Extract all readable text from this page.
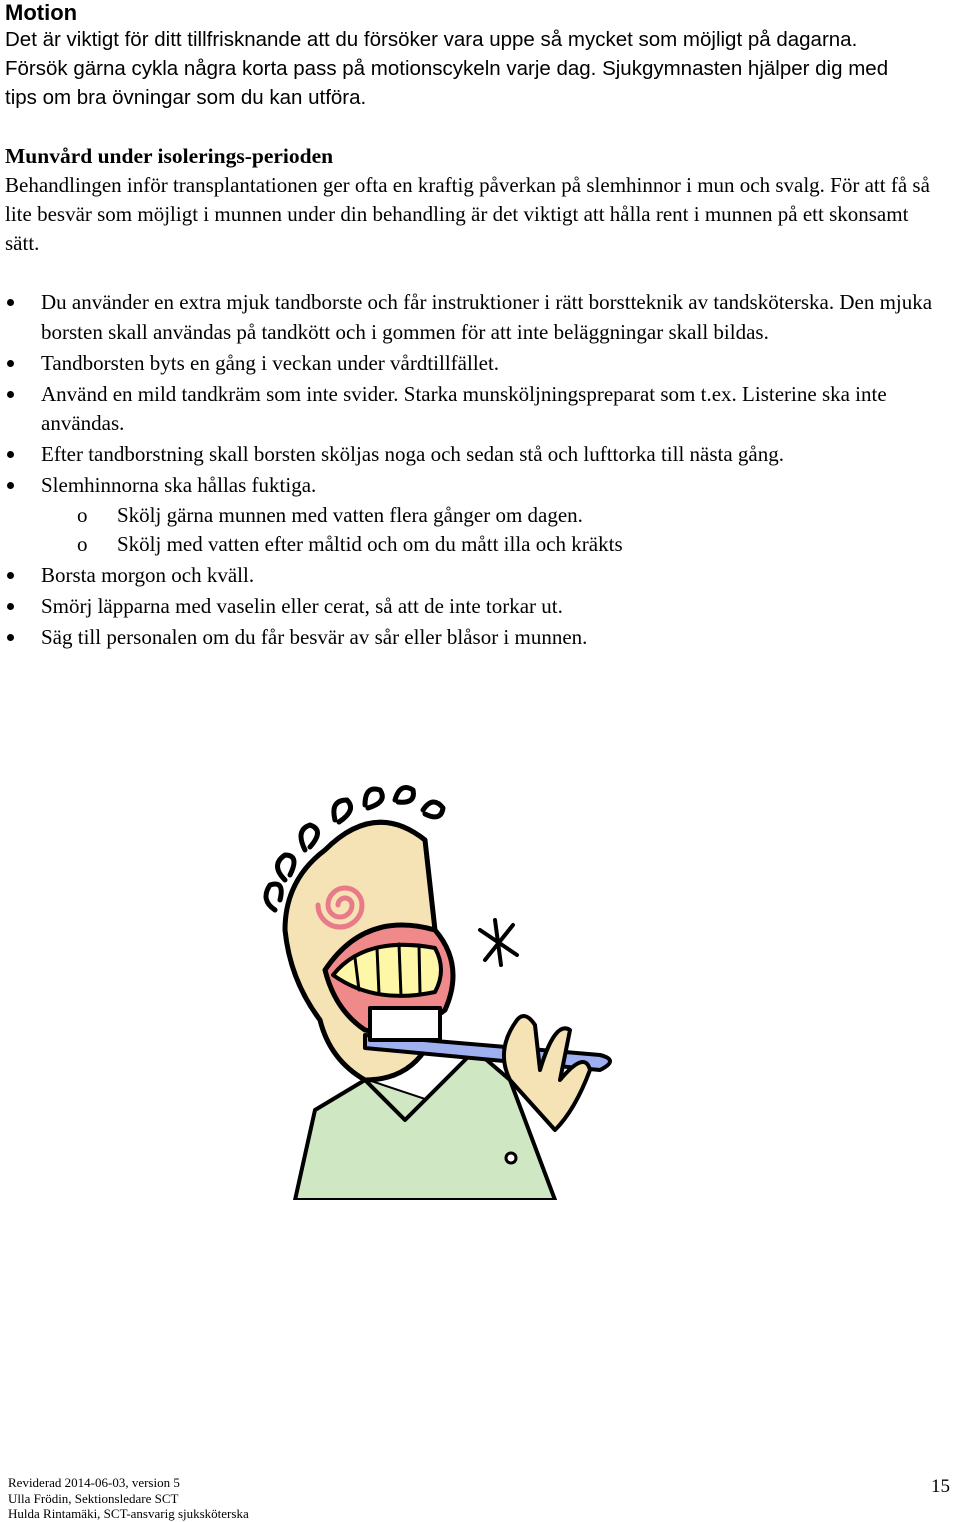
Motion
Det är viktigt för ditt tillfrisknande att du försöker vara uppe så mycket som möjligt på dagarna. Försök gärna cykla några korta pass på motionscykeln varje dag. Sjukgymnasten hjälper dig med tips om bra övningar som du kan utföra.
Munvård under isolerings-perioden
Behandlingen inför transplantationen ger ofta en kraftig påverkan på slemhinnor i mun och svalg. För att få så lite besvär som möjligt i munnen under din behandling är det viktigt att hålla rent i munnen på ett skonsamt sätt.
Du använder en extra mjuk tandborste och får instruktioner i rätt borstteknik av tandsköterska. Den mjuka borsten skall användas på tandkött och i gommen för att inte beläggningar skall bildas.
Tandborsten byts en gång i veckan under vårdtillfället.
Använd en mild tandkräm som inte svider. Starka munsköljningspreparat som t.ex. Listerine ska inte användas.
Efter tandborstning skall borsten sköljas noga och sedan stå och lufttorka till nästa gång.
Slemhinnorna ska hållas fuktiga.
o Skölj gärna munnen med vatten flera gånger om dagen.
o Skölj med vatten efter måltid och om du mått illa och kräkts
Borsta morgon och kväll.
Smörj läpparna med vaselin eller cerat, så att de inte torkar ut.
Säg till personalen om du får besvär av sår eller blåsor i munnen.
Reviderad 2014-06-03, version 5
Ulla Frödin, Sektionsledare SCT
Hulda Rintamäki, SCT-ansvarig sjuksköterska
15
